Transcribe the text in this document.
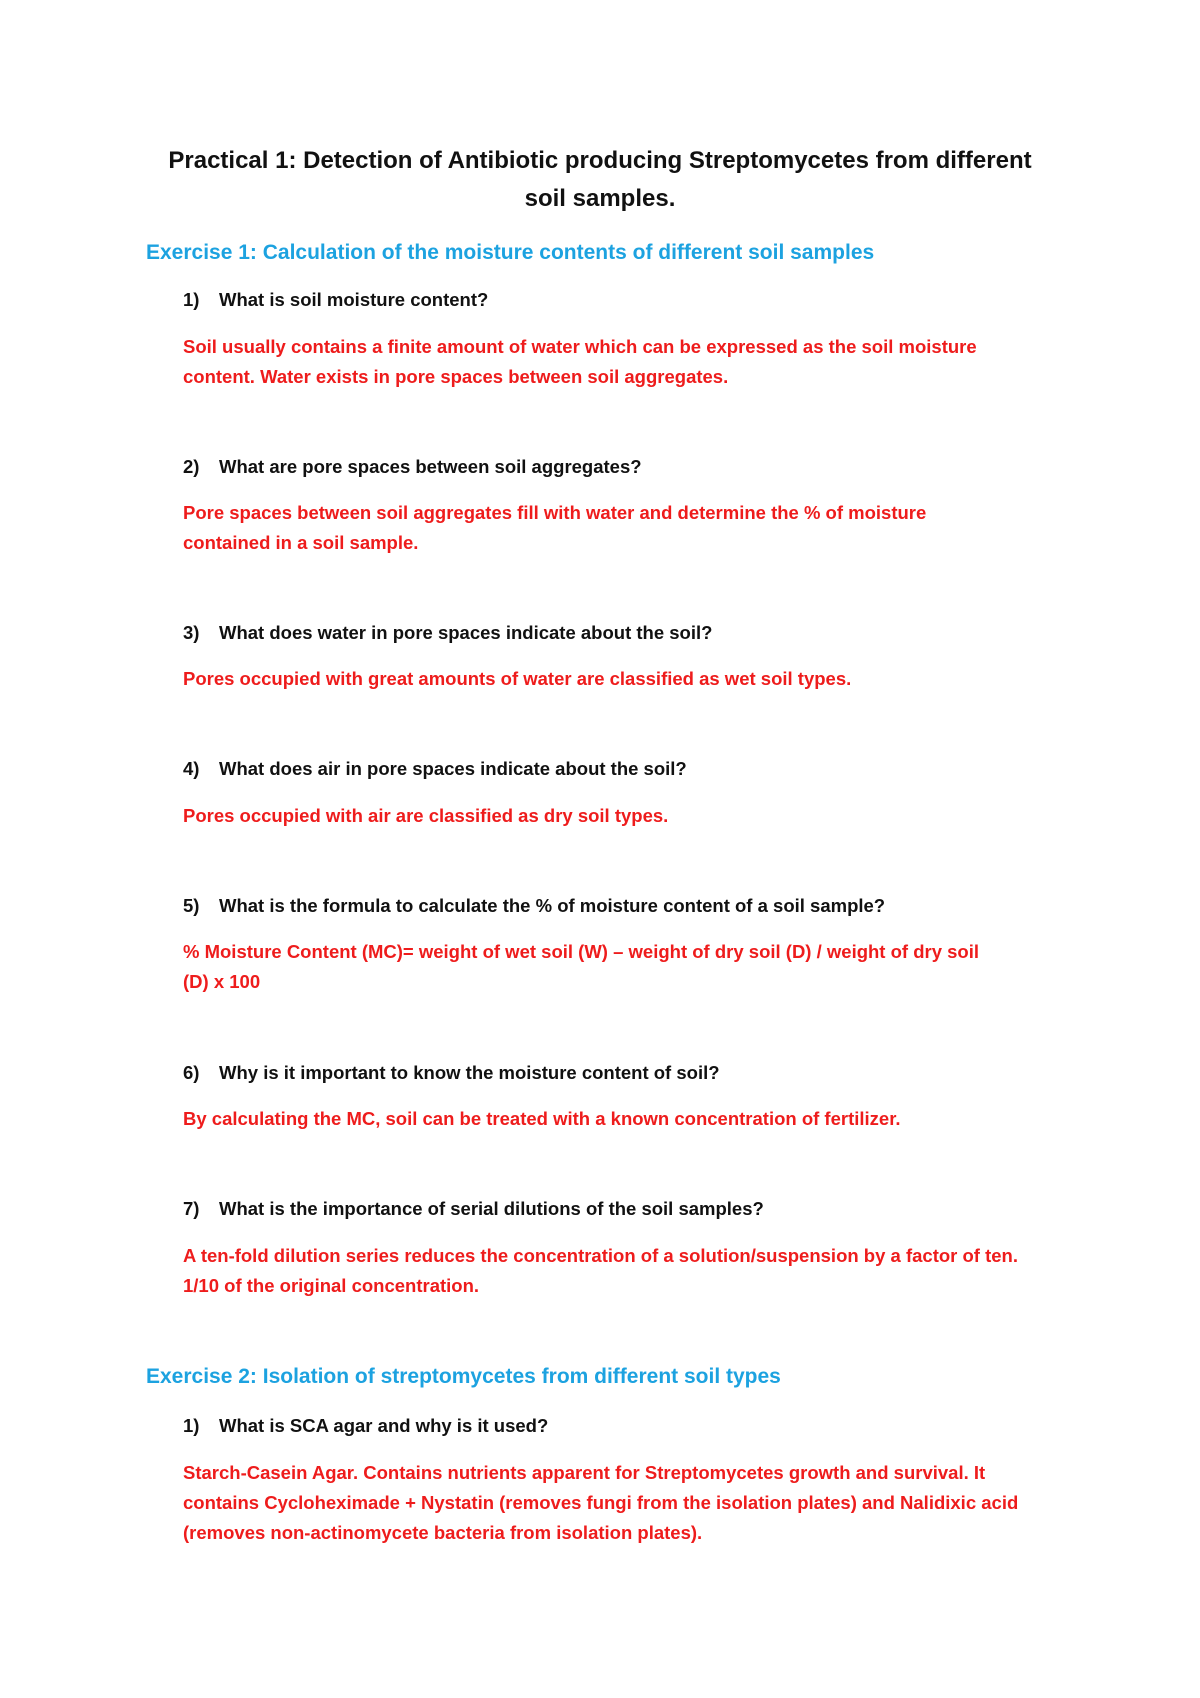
Practical 1: Detection of Antibiotic producing Streptomycetes from different
soil samples.
Exercise 1: Calculation of the moisture contents of different soil samples
1) What is soil moisture content?
Soil usually contains a finite amount of water which can be expressed as the soil moisture
content. Water exists in pore spaces between soil aggregates.
2) What are pore spaces between soil aggregates?
Pore spaces between soil aggregates fill with water and determine the % of moisture
contained in a soil sample.
3) What does water in pore spaces indicate about the soil?
Pores occupied with great amounts of water are classified as wet soil types.
4) What does air in pore spaces indicate about the soil?
Pores occupied with air are classified as dry soil types.
5) What is the formula to calculate the % of moisture content of a soil sample?
% Moisture Content (MC)= weight of wet soil (W) – weight of dry soil (D) / weight of dry soil
(D) x 100
6) Why is it important to know the moisture content of soil?
By calculating the MC, soil can be treated with a known concentration of fertilizer.
7) What is the importance of serial dilutions of the soil samples?
A ten-fold dilution series reduces the concentration of a solution/suspension by a factor of ten.
1/10 of the original concentration.
Exercise 2: Isolation of streptomycetes from different soil types
1) What is SCA agar and why is it used?
Starch-Casein Agar. Contains nutrients apparent for Streptomycetes growth and survival. It
contains Cycloheximade + Nystatin (removes fungi from the isolation plates) and Nalidixic acid
(removes non-actinomycete bacteria from isolation plates).
